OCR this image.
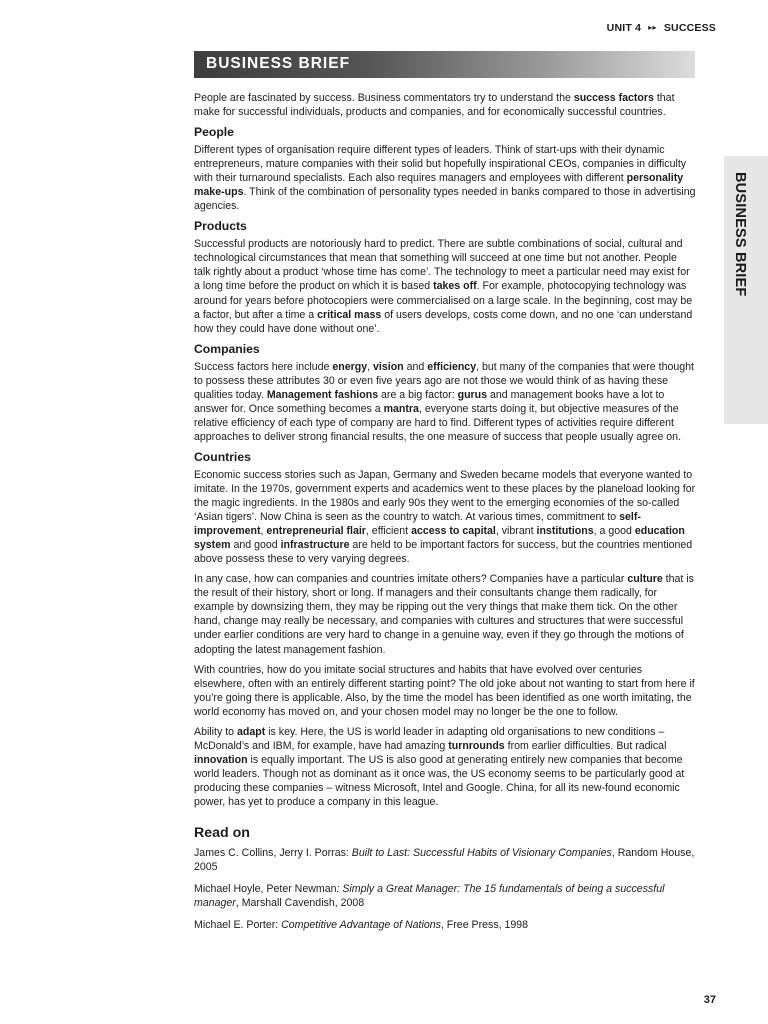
UNIT 4 ▸▸ SUCCESS
BUSINESS BRIEF
BUSINESS BRIEF

People are fascinated by success. Business commentators try to understand the success factors that make for successful individuals, products and companies, and for economically successful countries.

People

Different types of organisation require different types of leaders. Think of start-ups with their dynamic entrepreneurs, mature companies with their solid but hopefully inspirational CEOs, companies in difficulty with their turnaround specialists. Each also requires managers and employees with different personality make-ups. Think of the combination of personality types needed in banks compared to those in advertising agencies.

Products

Successful products are notoriously hard to predict. There are subtle combinations of social, cultural and technological circumstances that mean that something will succeed at one time but not another. People talk rightly about a product ‘whose time has come’. The technology to meet a particular need may exist for a long time before the product on which it is based takes off. For example, photocopying technology was around for years before photocopiers were commercialised on a large scale. In the beginning, cost may be a factor, but after a time a critical mass of users develops, costs come down, and no one ‘can understand how they could have done without one’.

Companies

Success factors here include energy, vision and efficiency, but many of the companies that were thought to possess these attributes 30 or even five years ago are not those we would think of as having these qualities today. Management fashions are a big factor: gurus and management books have a lot to answer for. Once something becomes a mantra, everyone starts doing it, but objective measures of the relative efficiency of each type of company are hard to find. Different types of activities require different approaches to deliver strong financial results, the one measure of success that people usually agree on.

Countries

Economic success stories such as Japan, Germany and Sweden became models that everyone wanted to imitate. In the 1970s, government experts and academics went to these places by the planeload looking for the magic ingredients. In the 1980s and early 90s they went to the emerging economies of the so-called ‘Asian tigers’. Now China is seen as the country to watch. At various times, commitment to self-improvement, entrepreneurial flair, efficient access to capital, vibrant institutions, a good education system and good infrastructure are held to be important factors for success, but the countries mentioned above possess these to very varying degrees.

In any case, how can companies and countries imitate others? Companies have a particular culture that is the result of their history, short or long. If managers and their consultants change them radically, for example by downsizing them, they may be ripping out the very things that make them tick. On the other hand, change may really be necessary, and companies with cultures and structures that were successful under earlier conditions are very hard to change in a genuine way, even if they go through the motions of adopting the latest management fashion.

With countries, how do you imitate social structures and habits that have evolved over centuries elsewhere, often with an entirely different starting point? The old joke about not wanting to start from here if you’re going there is applicable. Also, by the time the model has been identified as one worth imitating, the world economy has moved on, and your chosen model may no longer be the one to follow.

Ability to adapt is key. Here, the US is world leader in adapting old organisations to new conditions – McDonald’s and IBM, for example, have had amazing turnrounds from earlier difficulties. But radical innovation is equally important. The US is also good at generating entirely new companies that become world leaders. Though not as dominant as it once was, the US economy seems to be particularly good at producing these companies – witness Microsoft, Intel and Google. China, for all its new-found economic power, has yet to produce a company in this league.

Read on

James C. Collins, Jerry I. Porras: Built to Last: Successful Habits of Visionary Companies, Random House, 2005

Michael Hoyle, Peter Newman: Simply a Great Manager: The 15 fundamentals of being a successful manager, Marshall Cavendish, 2008

Michael E. Porter: Competitive Advantage of Nations, Free Press, 1998

37
